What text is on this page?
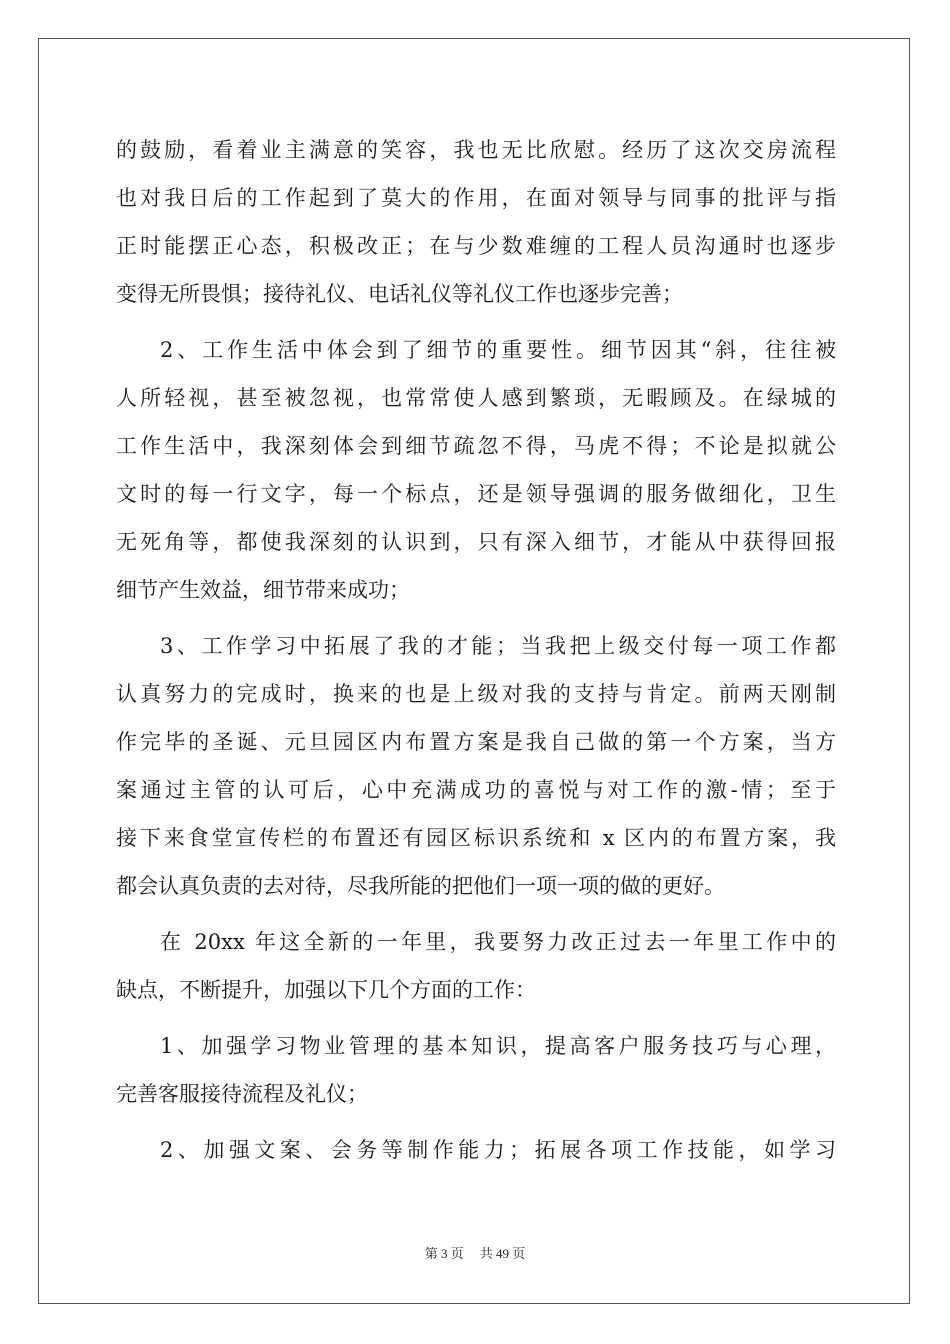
的鼓励，看着业主满意的笑容，我也无比欣慰。经历了这次交房流程
也对我日后的工作起到了莫大的作用，在面对领导与同事的批评与指
正时能摆正心态，积极改正；在与少数难缠的工程人员沟通时也逐步
变得无所畏惧；接待礼仪、电话礼仪等礼仪工作也逐步完善；
2、工作生活中体会到了细节的重要性。细节因其“斜，往往被
人所轻视，甚至被忽视，也常常使人感到繁琐，无暇顾及。在绿城的
工作生活中，我深刻体会到细节疏忽不得，马虎不得；不论是拟就公
文时的每一行文字，每一个标点，还是领导强调的服务做细化，卫生
无死角等，都使我深刻的认识到，只有深入细节，才能从中获得回报
细节产生效益，细节带来成功；
3、工作学习中拓展了我的才能；当我把上级交付每一项工作都
认真努力的完成时，换来的也是上级对我的支持与肯定。前两天刚制
作完毕的圣诞、元旦园区内布置方案是我自己做的第一个方案，当方
案通过主管的认可后，心中充满成功的喜悦与对工作的激-情；至于
接下来食堂宣传栏的布置还有园区标识系统和 x 区内的布置方案，我
都会认真负责的去对待，尽我所能的把他们一项一项的做的更好。
在 20xx 年这全新的一年里，我要努力改正过去一年里工作中的
缺点，不断提升，加强以下几个方面的工作：
1、加强学习物业管理的基本知识，提高客户服务技巧与心理，
完善客服接待流程及礼仪；
2、加强文案、会务等制作能力；拓展各项工作技能，如学习
第 3 页 共 49 页
